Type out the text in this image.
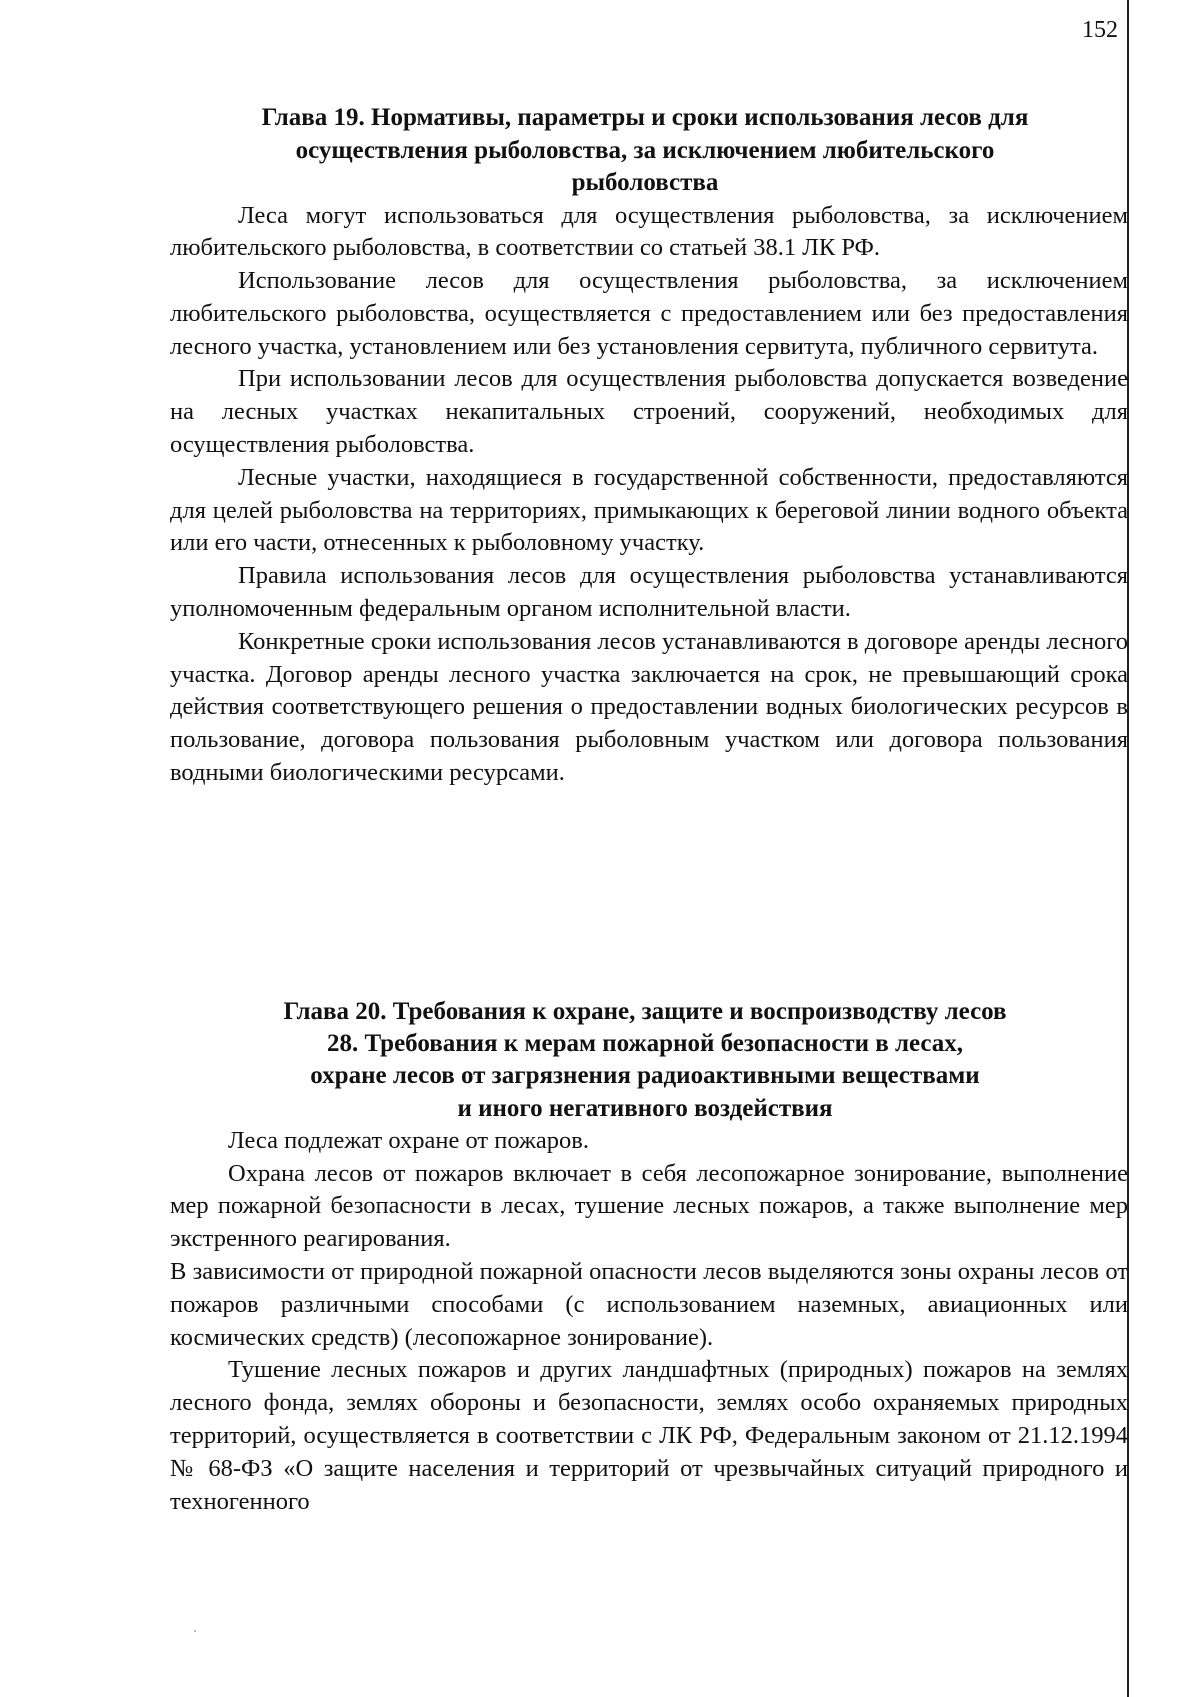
152
Глава 19. Нормативы, параметры и сроки использования лесов для
осуществления рыболовства, за исключением любительского
рыболовства

Леса могут использоваться для осуществления рыболовства, за исключением любительского рыболовства, в соответствии со статьей 38.1 ЛК РФ.

Использование лесов для осуществления рыболовства, за исключением любительского рыболовства, осуществляется с предоставлением или без предоставления лесного участка, установлением или без установления сервитута, публичного сервитута.

При использовании лесов для осуществления рыболовства допускается возведение на лесных участках некапитальных строений, сооружений, необходимых для осуществления рыболовства.

Лесные участки, находящиеся в государственной собственности, предоставляются для целей рыболовства на территориях, примыкающих к береговой линии водного объекта или его части, отнесенных к рыболовному участку.

Правила использования лесов для осуществления рыболовства устанавливаются уполномоченным федеральным органом исполнительной власти.

Конкретные сроки использования лесов устанавливаются в договоре аренды лесного участка. Договор аренды лесного участка заключается на срок, не превышающий срока действия соответствующего решения о предоставлении водных биологических ресурсов в пользование, договора пользования рыболовным участком или договора пользования водными биологическими ресурсами.

Глава 20. Требования к охране, защите и воспроизводству лесов
28. Требования к мерам пожарной безопасности в лесах,
охране лесов от загрязнения радиоактивными веществами
и иного негативного воздействия

Леса подлежат охране от пожаров.

Охрана лесов от пожаров включает в себя лесопожарное зонирование, выполнение мер пожарной безопасности в лесах, тушение лесных пожаров, а также выполнение мер экстренного реагирования.

В зависимости от природной пожарной опасности лесов выделяются зоны охраны лесов от пожаров различными способами (с использованием наземных, авиационных или космических средств) (лесопожарное зонирование).

Тушение лесных пожаров и других ландшафтных (природных) пожаров на землях лесного фонда, землях обороны и безопасности, землях особо охраняемых природных территорий, осуществляется в соответствии с ЛК РФ, Федеральным законом от 21.12.1994 № 68-ФЗ «О защите населения и территорий от чрезвычайных ситуаций природного и техногенного
